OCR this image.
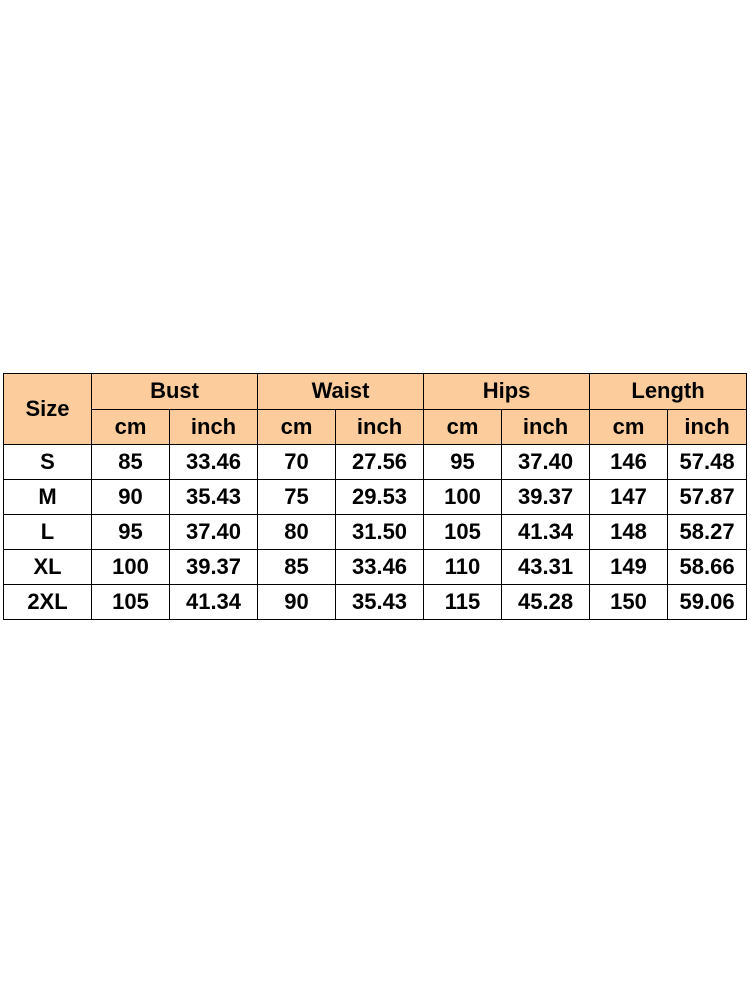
Size	Bust		Waist		Hips		Length	
	cm	inch	cm	inch	cm	inch	cm	inch
S	85	33.46	70	27.56	95	37.40	146	57.48
M	90	35.43	75	29.53	100	39.37	147	57.87
L	95	37.40	80	31.50	105	41.34	148	58.27
XL	100	39.37	85	33.46	110	43.31	149	58.66
2XL	105	41.34	90	35.43	115	45.28	150	59.06
